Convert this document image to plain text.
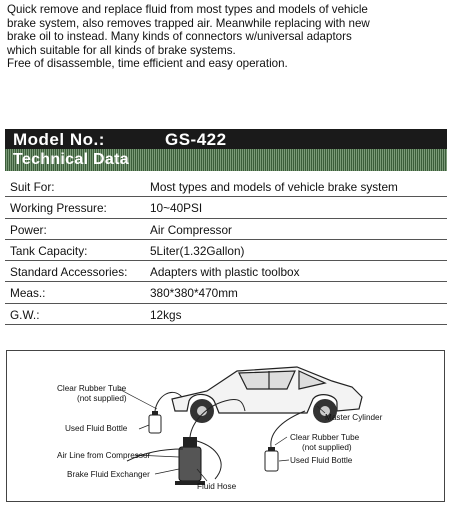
Quick remove and replace fluid from most types and models of vehicle

brake system, also removes trapped air. Meanwhile replacing with new

brake oil to instead. Many kinds of connectors w/universal adaptors

which suitable for all kinds of brake systems.

Free of disassemble, time efficient and easy operation.

Model No.:	GS-422
Technical Data
Suit For:	Most types and models of vehicle brake system
Working Pressure:	10~40PSI
Power:	Air Compressor
Tank Capacity:	5Liter(1.32Gallon)
Standard Accessories: Adapters with plastic toolbox
Meas.:	380*380*470mm
G.W.:	12kgs
Clear Rubber Tube
(not supplied)
Used Fluid Bottle
Air Line from Compressor
Brake Fluid Exchanger
Fluid Hose
Master Cylinder
Clear Rubber Tube
(not supplied)
Used Fluid Bottle
